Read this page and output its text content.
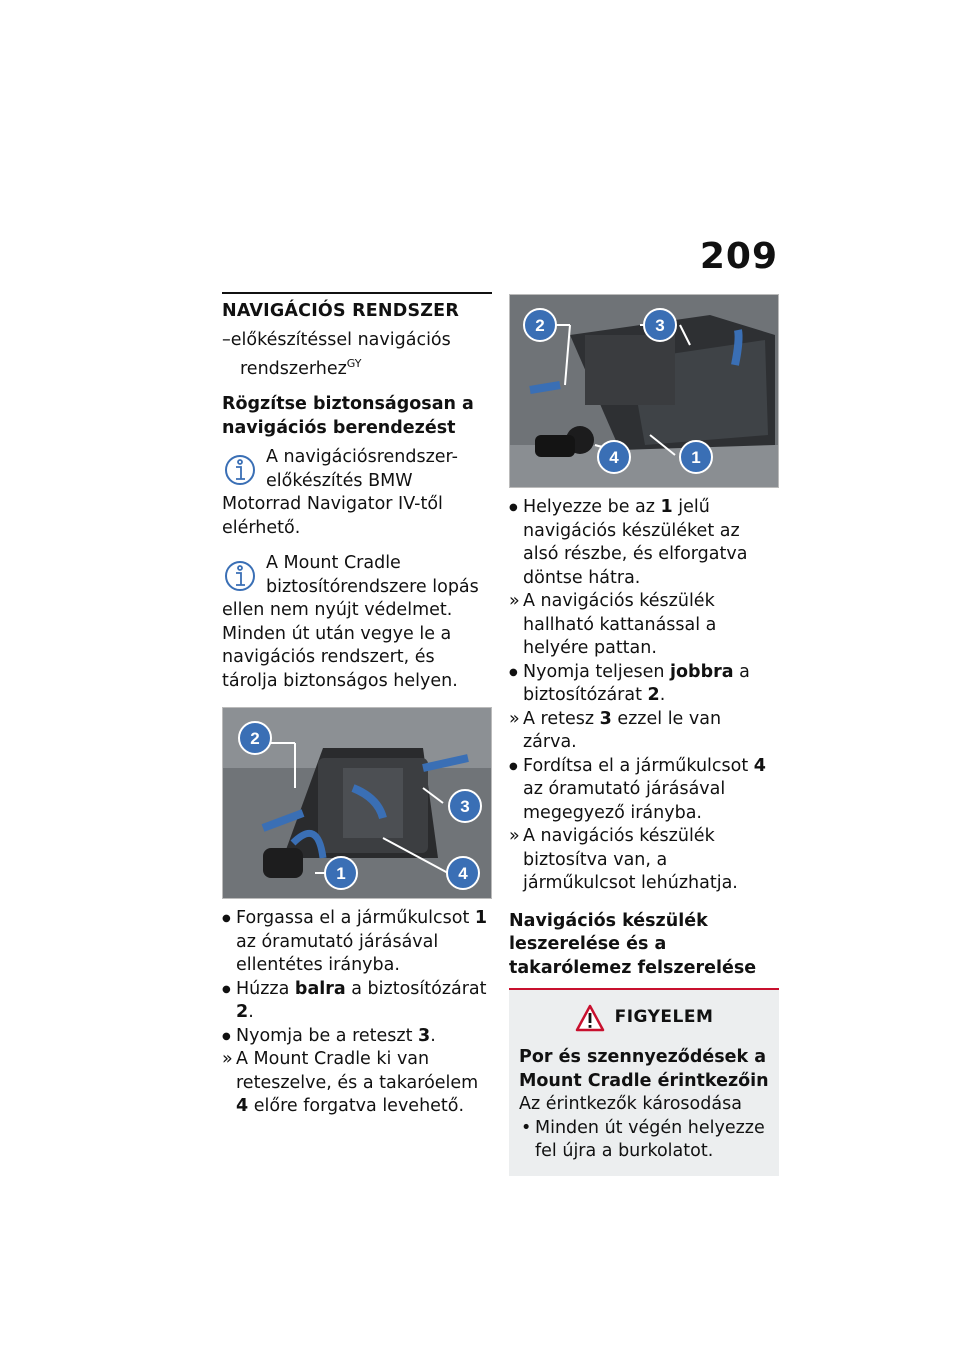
209
NAVIGÁCIÓS RENDSZER
–előkészítéssel navigációs rendszerhez$^{GY}$
Rögzítse biztonságosan a navigációs berendezést
A navigációsrendszer-előkészítés BMW Motorrad Navigator IV-től elérhető.
A Mount Cradle biztosítórendszere lopás ellen nem nyújt védelmet.
Minden út után vegye le a navigációs rendszert, és tárolja biztonságos helyen.
2
3
1	4
● Forgassa el a járműkulcsot 1 az óramutató járásával ellentétes irányba.
● Húzza balra a biztosítózárat 2.
● Nyomja be a reteszt 3.
» A Mount Cradle ki van reteszelve, és a takaróelem 4 előre forgatva levehető.
2	3
4	1
● Helyezze be az 1 jelű navigációs készüléket az alsó részbe, és elforgatva döntse hátra.
» A navigációs készülék hallható kattanással a helyére pattan.
● Nyomja teljesen jobbra a biztosítózárat 2.
» A retesz 3 ezzel le van zárva.
● Fordítsa el a járműkulcsot 4 az óramutató járásával megegyező irányba.
» A navigációs készülék biztosítva van, a járműkulcsot lehúzhatja.
Navigációs készülék leszerelése és a takarólemez felszerelése
FIGYELEM

Por és szennyeződések a Mount Cradle érintkezőin

Az érintkezők károsodása

• Minden út végén helyezze fel újra a burkolatot.
